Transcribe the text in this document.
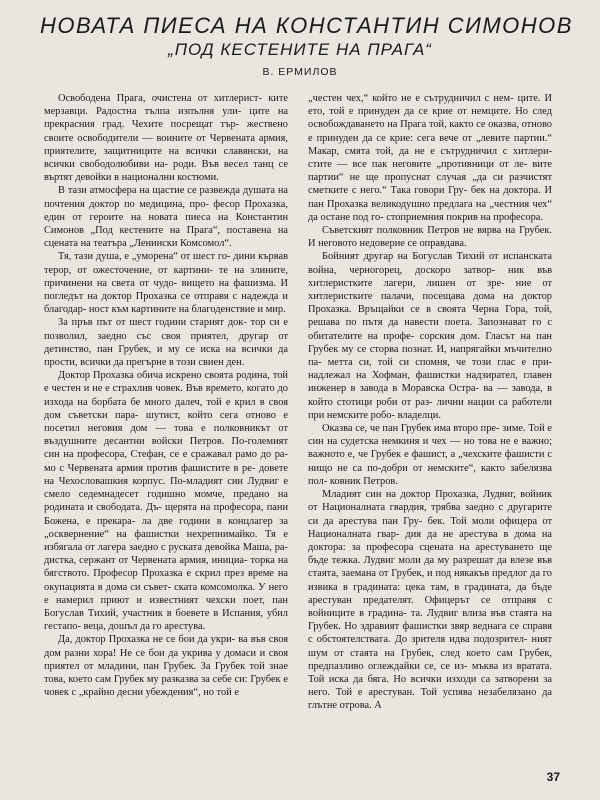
НОВАТА ПИЕСА НА КОНСТАНТИН СИМОНОВ
„ПОД КЕСТЕНИТЕ НА ПРАГА“
В. ЕРМИЛОВ

Освободена Прага, очистена от хитлерист- ките мерзавци. Радостна тълпа изпълня ули- ците на прекрасния град. Чехите посрещат тър- жествено своите освободители — воините от Червената армия, приятелите, защитниците на всички славянски, на всички свободолюбиви на- роди. Във весел танц се въртят девойки в национални костюми.

В тази атмосфера на щастие се развежда душата на почтения доктор по медицина, про- фесор Прохазка, един от героите на новата пиеса на Константин Симонов „Под кестените на Прага“, поставена на сцената на театъра „Ленински Комсомол“.

Тя, тази душа, е „уморена“ от шест го- дини кървав терор, от ожесточение, от картини- те на злините, причинени на света от чудо- вището на фашизма. И погледът на доктор Прохазка се отправя с надежда и благодар- ност към картините на благоденствие и мир.

За пръв път от шест години старият док- тор си е позволил, заедно със своя приятел, другар от детинство, пан Грубек, и му се иска на всички да прости, всички да прегърне в този свиен ден.

Доктор Прохазка обича искрено своята родина, той е честен и не е страхлив човек. Във времето, когато до изхода на борбата бе много далеч, той е крил в своя дом съветски пара- шутист, който сега отново е посетил неговия дом — това е полковникът от въздушните десантни войски Петров. По-големият син на професора, Стефан, се е сражавал рамо до ра- мо с Червената армия против фашистите в ре- довете на Чехословашкия корпус. По-младият син Лудвиг е смело седемнадесет годишно момче, предано на родината и свободата. Дъ- щерята на професора, пани Божена, е прекара- ла две години в концлагер за „осквернение“ на фашистки нехрепнимайко. Тя е избягала от лагера заедно с руската девойка Маша, ра- дистка, сержант от Червената армия, инициа- торка на бягството. Професор Прохазка е скрил през време на окупацията в дома си съвет- ската комсомолка. У него е намерил приют и известният чехски поет, пан Богуслав Тихий, участник в боевете в Испания, убил гестапо- веца, дошъл да го арестува.

Да, доктор Прохазка не се бои да укри- ва във своя дом разни хора! Не се бои да укрива у домаси и своя приятел от младини, пан Грубек. За Грубек той знае това, което сам Грубек му разказва за себе си: Грубек е човек с „крайно десни убеждения“, но той е

„честен чех,“ който не е сътрудничил с нем- ците. И ето, той е принуден да се крие от немците. Но след освобождаването на Прага той, както се оказва, отново е принуден да се крие: сега вече от „левите партии.“ Макар, смята той, да не е сътрудничил с хитлери- стите — все пак неговите „противници от ле- вите партии“ не ще пропуснат случая „да си разчистят сметките с него.“ Така говори Гру- бек на доктора. И пан Прохазка великодушно предлага на „честния чех“ да остане под го- стоприемния покрив на професора.

Съветският полковник Петров не вярва на Грубек. И неговото недоверие се оправдава.

Бойният другар на Богуслав Тихий от испанската война, черногорец, доскоро затвор- ник във хитлеристките лагери, лишен от зре- ние от хитлеристките палачи, посещава дома на доктор Прохазка. Връщайки се в своята Черна Гора, той, решава по пътя да навести поета. Запознават го с обитателите на профе- сорския дом. Гласът на пан Грубек му се сторва познат. И, напрягайки мъчително па- метта си, той си спомня, че този глас е при- надлежал на Хофман, фашистки надзирател, главен инженер в завода в Моравска Остра- ва — завода, в който стотици роби от раз- лични нации са работели при немските робо- владелци.

Оказва се, че пан Грубек има второ пре- зиме. Той е син на судетска немкиня и чех — но това не е важно; важното е, че Грубек е фашист, а „чехските фашисти с нищо не са по-добри от немските“, както забелязва пол- ковник Петров.

Младият син на доктор Прохазка, Лудвиг, войник от Националната гвардия, трябва заедно с другарите си да арестува пан Гру- бек. Той моли офицера от Националната гвар- дия да не арестува в дома на доктора: за професора сцената на арестуването ще бъде тежка. Лудвиг моли да му разрешат да влезе във стаята, заемана от Грубек, и под някакъв предлог да го извика в градината: цека там, в градината, да бъде арестуван предателят. Офицерът се отправя с войниците в градина- та. Лудвиг влиза във стаята на Грубек. Но здравият фашистки звяр веднага се справя с обстоятелствата. До зрителя идва подозрител- ният шум от стаята на Грубек, след което сам Грубек, предпазливо оглеждайки се, се из- мъква из вратата. Той иска да бяга. Но всички изходи са затворени за него. Той е арестуван. Той успява незабелязано да глътне отрова. А

37
